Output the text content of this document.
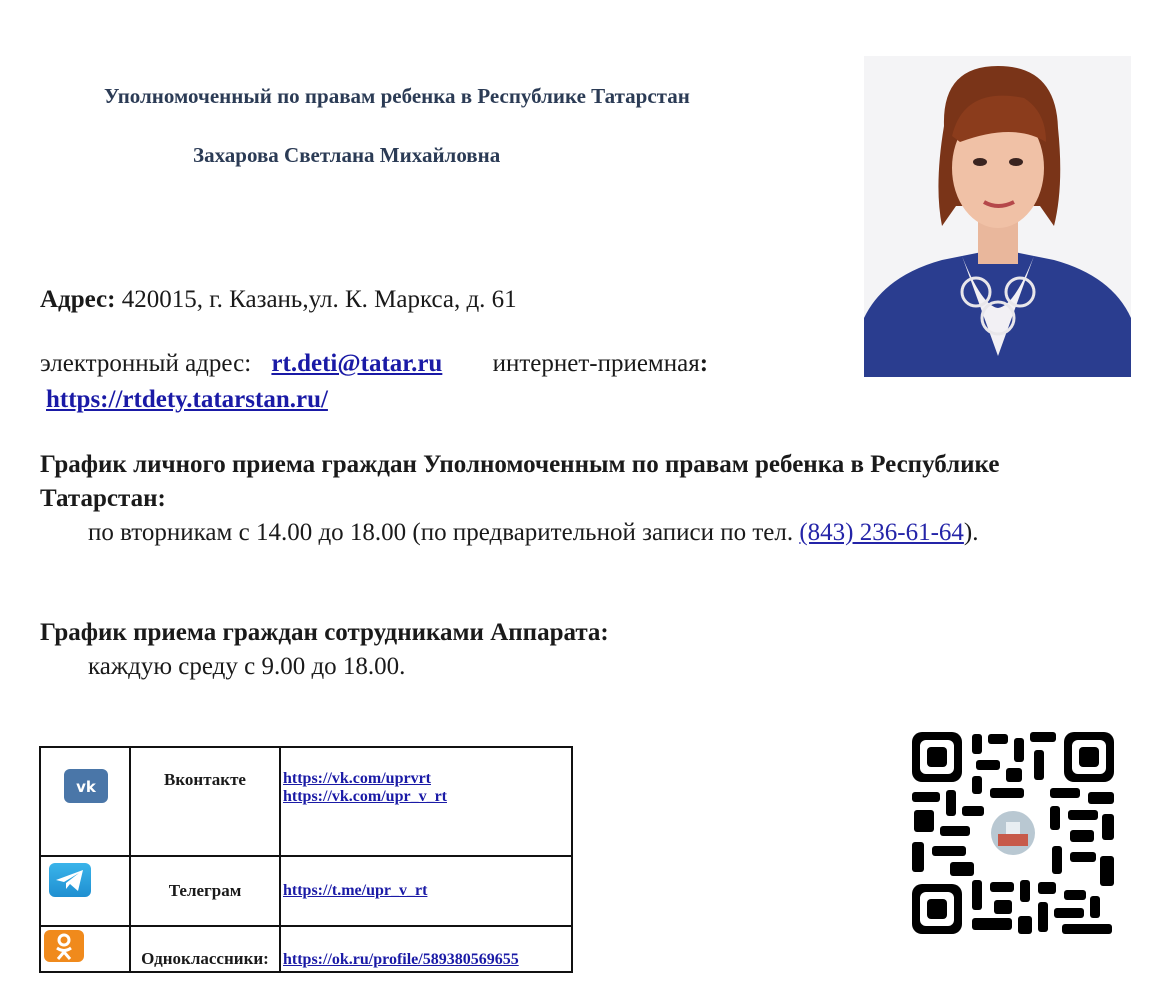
Уполномоченный по правам ребенка в Республике Татарстан
Захарова Светлана Михайловна
Адрес: 420015, г. Казань,ул. К. Маркса, д. 61
электронный адрес: rt.deti@tatar.ru интернет-приемная:
https://rtdety.tatarstan.ru/
График личного приема граждан Уполномоченным по правам ребенка в Республике Татарстан:
по вторникам с 14.00 до 18.00 (по предварительной записи по тел. (843) 236-61-64).
График приема граждан сотрудниками Аппарата:
каждую среду с 9.00 до 18.00.
vk	Вконтакте	https://vk.com/uprvrt
https://vk.com/upr_v_rt

	Телеграм	https://t.me/upr_v_rt

	Одноклассники:	https://ok.ru/profile/589380569655
